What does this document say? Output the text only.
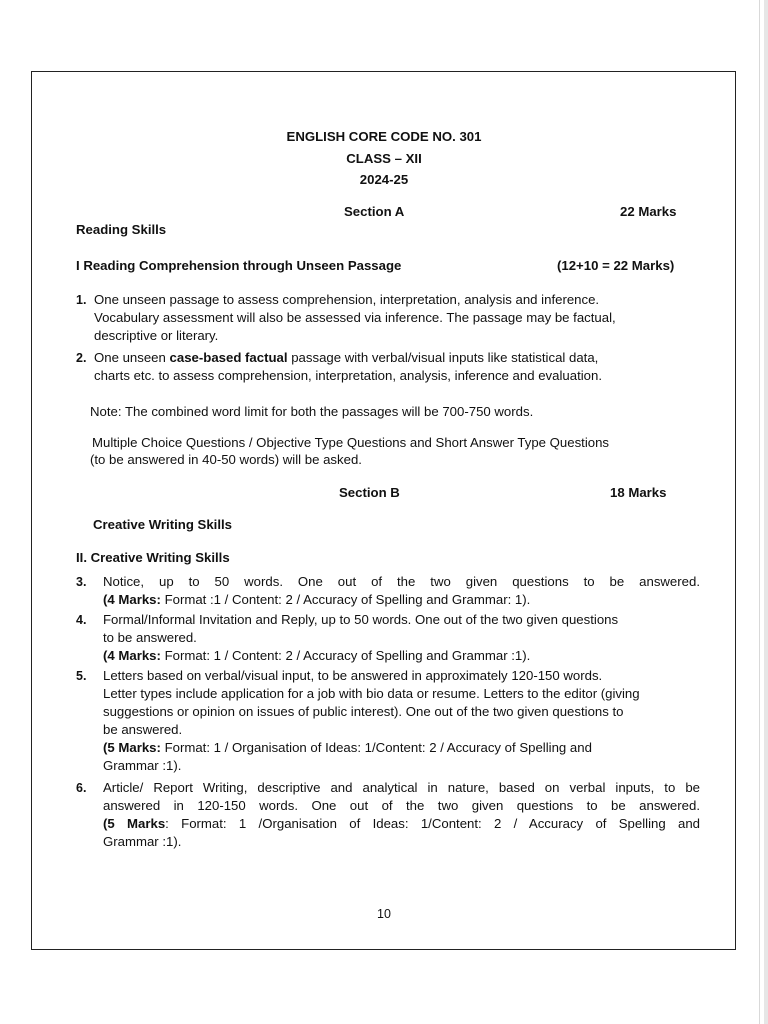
ENGLISH CORE CODE NO. 301
CLASS – XII
2024-25
Section A	22 Marks
Reading Skills
I Reading Comprehension through Unseen Passage	(12+10 = 22 Marks)
1. One unseen passage to assess comprehension, interpretation, analysis and inference.
Vocabulary assessment will also be assessed via inference. The passage may be factual,
descriptive or literary.
2. One unseen case-based factual passage with verbal/visual inputs like statistical data,
charts etc. to assess comprehension, interpretation, analysis, inference and evaluation.
Note: The combined word limit for both the passages will be 700-750 words.
Multiple Choice Questions / Objective Type Questions and Short Answer Type Questions
(to be answered in 40-50 words) will be asked.
Section B	18 Marks
Creative Writing Skills
II. Creative Writing Skills
3. Notice, up to 50 words. One out of the two given questions to be answered.
(4 Marks: Format :1 / Content: 2 / Accuracy of Spelling and Grammar: 1).
4. Formal/Informal Invitation and Reply, up to 50 words. One out of the two given questions
to be answered.
(4 Marks: Format: 1 / Content: 2 / Accuracy of Spelling and Grammar :1).
5. Letters based on verbal/visual input, to be answered in approximately 120-150 words.
Letter types include application for a job with bio data or resume. Letters to the editor (giving
suggestions or opinion on issues of public interest). One out of the two given questions to
be answered.
(5 Marks: Format: 1 / Organisation of Ideas: 1/Content: 2 / Accuracy of Spelling and
Grammar :1).
6. Article/ Report Writing, descriptive and analytical in nature, based on verbal inputs, to be
answered in 120-150 words. One out of the two given questions to be answered.
(5 Marks: Format: 1 /Organisation of Ideas: 1/Content: 2 / Accuracy of Spelling and
Grammar :1).
10
